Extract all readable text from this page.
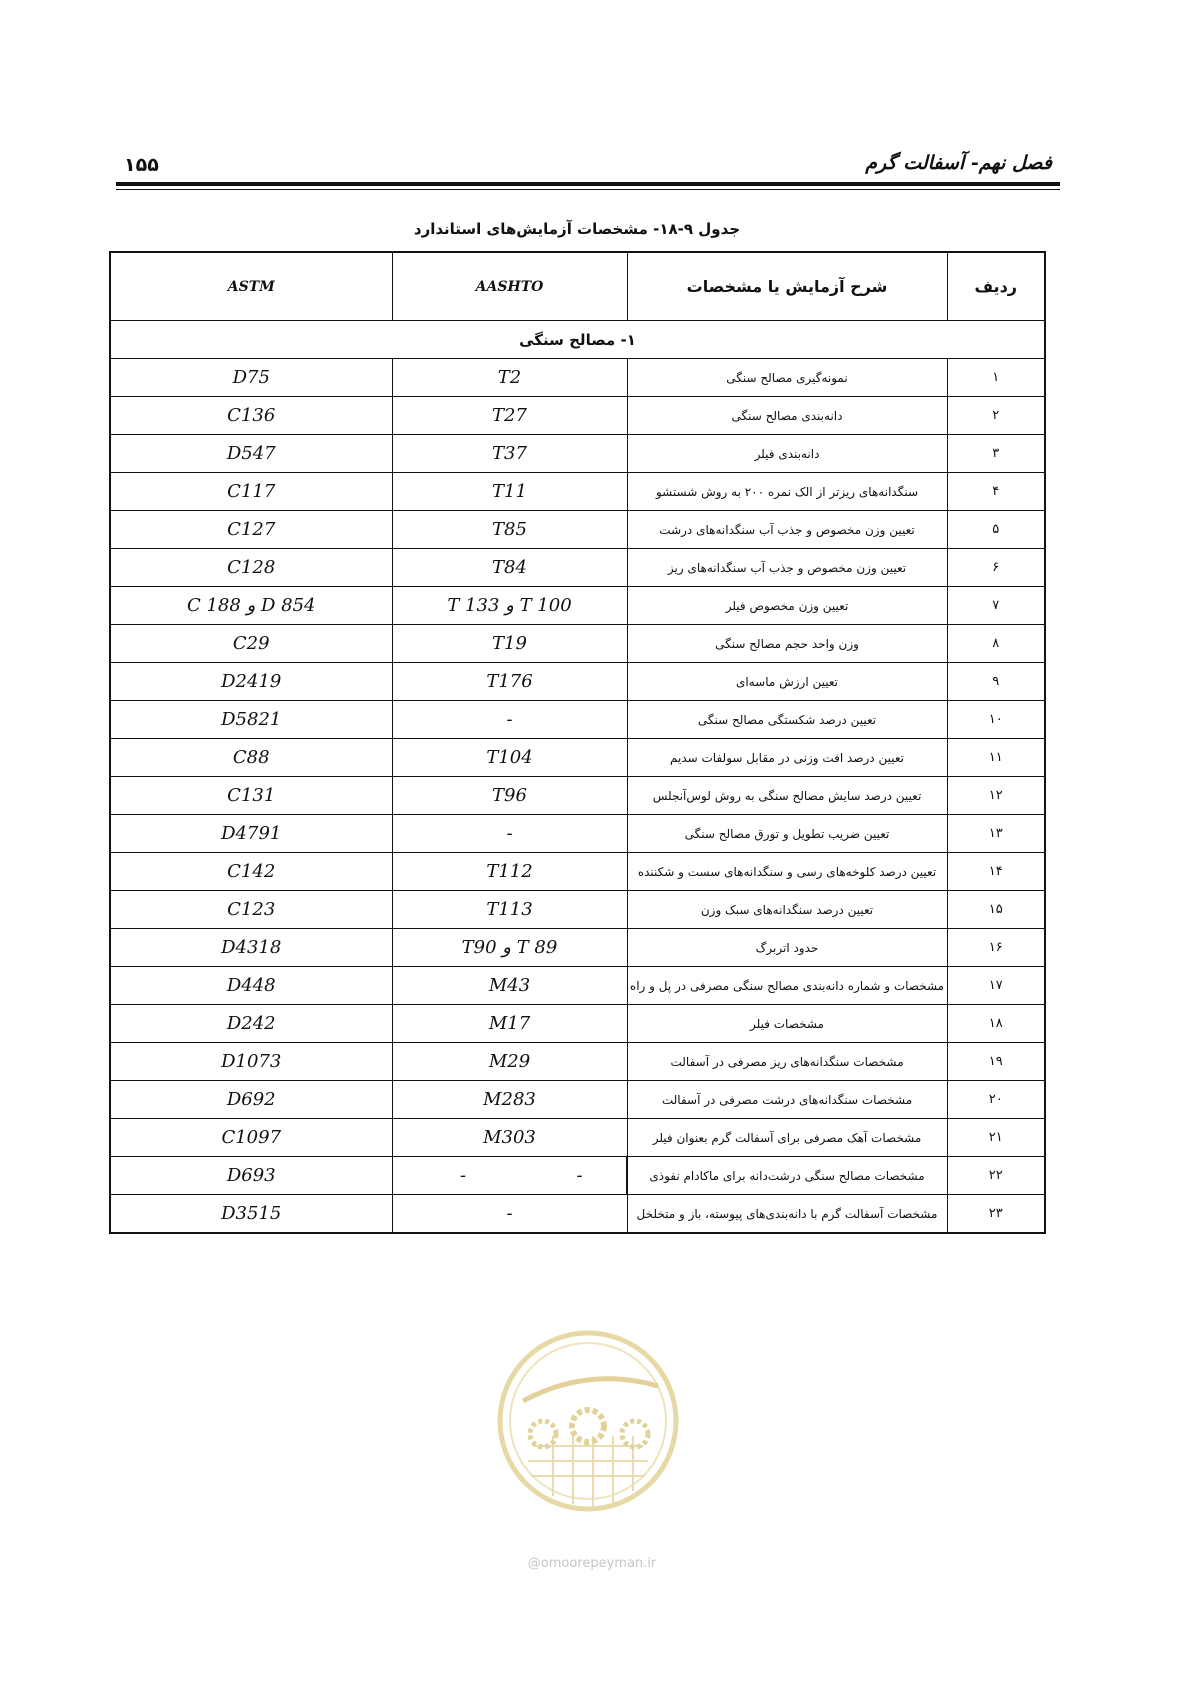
۱۵۵	فصل نهم- آسفالت گرم
جدول ۹-۱۸- مشخصات آزمایش‌های استاندارد
ASTM	AASHTO	شرح آزمایش یا مشخصات	ردیف
۱- مصالح سنگی			
D75	T2	نمونه‌گیری مصالح سنگی	۱
C136	T27	دانه‌بندی مصالح سنگی	۲
D547	T37	دانه‌بندی فیلر	۳
C117	T11	سنگدانه‌های ریزتر از الک نمره ۲۰۰ به روش شستشو	۴
C127	T85	تعیین وزن مخصوص و جذب آب سنگدانه‌های درشت	۵
C128	T84	تعیین وزن مخصوص و جذب آب سنگدانه‌های ریز	۶
C 188 و D 854	T 133 و T 100	تعیین وزن مخصوص فیلر	۷
C29	T19	وزن واحد حجم مصالح سنگی	۸
D2419	T176	تعیین ارزش ماسه‌ای	۹
D5821	-	تعیین درصد شکستگی مصالح سنگی	۱۰
C88	T104	تعیین درصد افت وزنی در مقابل سولفات سدیم	۱۱
C131	T96	تعیین درصد سایش مصالح سنگی به روش لوس‌آنجلس	۱۲
D4791	-	تعیین ضریب تطویل و تورق مصالح سنگی	۱۳
C142	T112	تعیین درصد کلوخه‌های رسی و سنگدانه‌های سست و شکننده	۱۴
C123	T113	تعیین درصد سنگدانه‌های سبک وزن	۱۵
D4318	T90 و T 89	حدود اتربرگ	۱۶
D448	M43	مشخصات و شماره دانه‌بندی مصالح سنگی مصرفی در پل و راه	۱۷
D242	M17	مشخصات فیلر	۱۸
D1073	M29	مشخصات سنگدانه‌های ریز مصرفی در آسفالت	۱۹
D692	M283	مشخصات سنگدانه‌های درشت مصرفی در آسفالت	۲۰
C1097	M303	مشخصات آهک مصرفی برای آسفالت گرم بعنوان فیلر	۲۱
D693	- -	مشخصات مصالح سنگی درشت‌دانه برای ماکادام نفوذی	۲۲
D3515	-	مشخصات آسفالت گرم با دانه‌بندی‌های پیوسته، باز و متخلخل	۲۳
@omoorepeyman.ir
